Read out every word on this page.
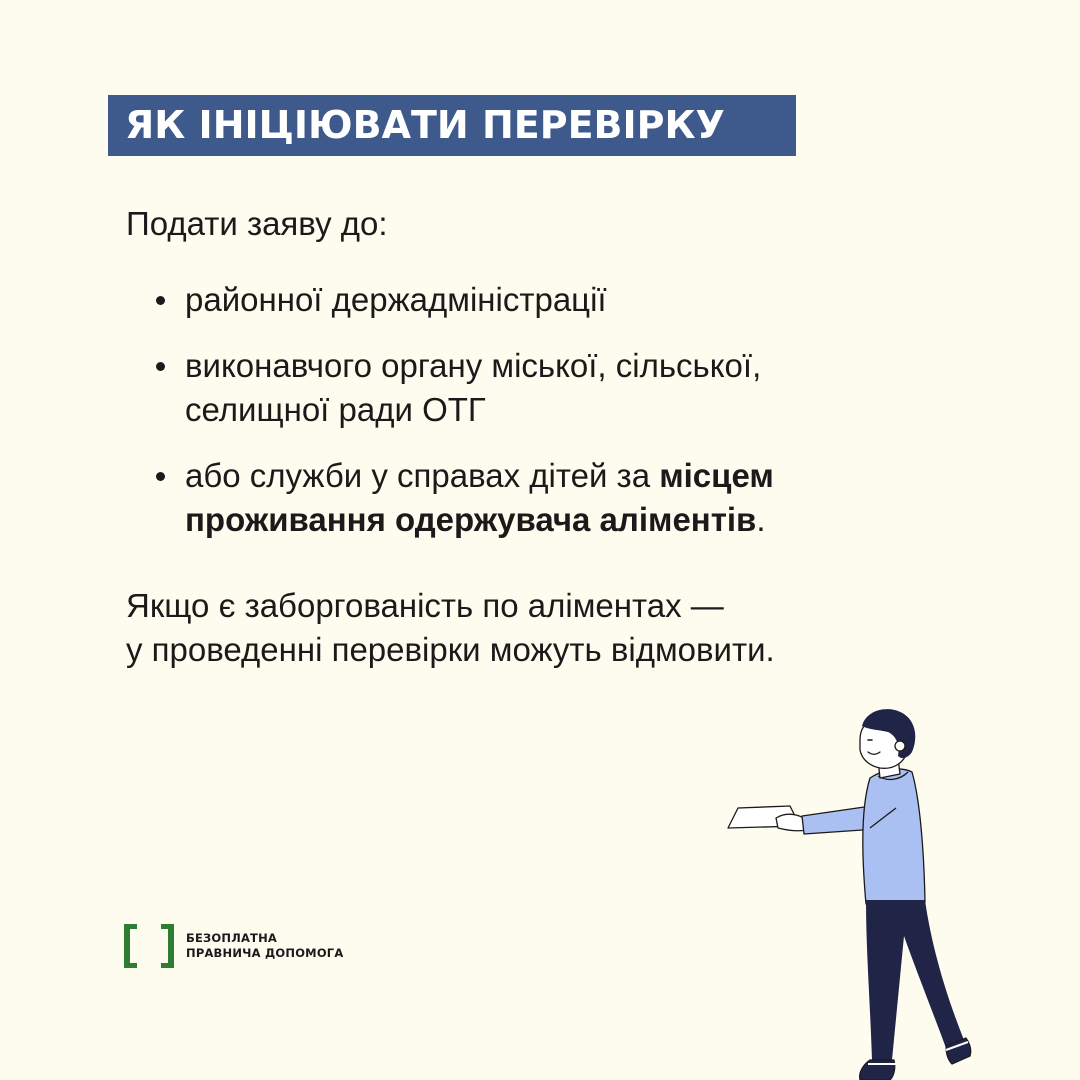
ЯК ІНІЦІЮВАТИ ПЕРЕВІРКУ
Подати заяву до:
районної держадміністрації
виконавчого органу міської, сільської,
селищної ради ОТГ
або служби у справах дітей за місцем
проживання одержувача аліментів.
Якщо є заборгованість по аліментах —
у проведенні перевірки можуть відмовити.
БЕЗОПЛАТНА
ПРАВНИЧА ДОПОМОГА
